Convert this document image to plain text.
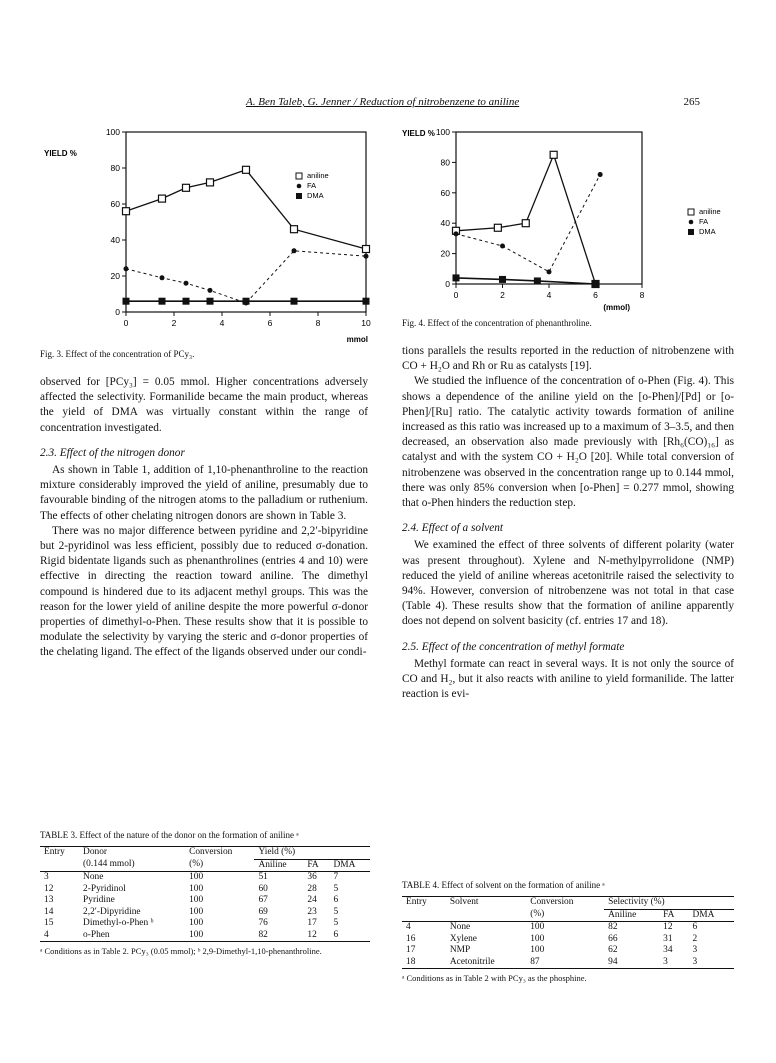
A. Ben Taleb, G. Jenner / Reduction of nitrobenzene to aniline	265
0	2	4	6	8	10
0
20
40
60
80
100
YIELD %
mmol
aniline
FA
DMA
Fig. 3. Effect of the concentration of PCy₃.
0	2	4	6	8
0
20
40
60
80
100
YIELD %
(mmol)
aniline
FA
DMA
Fig. 4. Effect of the concentration of phenanthroline.

observed for [PCy₃] = 0.05 mmol. Higher concentrations adversely affected the selectivity. Formanilide became the main product, whereas the yield of DMA was virtually constant within the range of concentration investigated.

2.3. Effect of the nitrogen donor

As shown in Table 1, addition of 1,10-phenanthroline to the reaction mixture considerably improved the yield of aniline, presumably due to favourable binding of the nitrogen atoms to the palladium or ruthenium. The effects of other chelating nitrogen donors are shown in Table 3.

There was no major difference between pyridine and 2,2′-bipyridine but 2-pyridinol was less efficient, possibly due to reduced σ-donation. Rigid bidentate ligands such as phenanthrolines (entries 4 and 10) were effective in directing the reaction toward aniline. The dimethyl compound is hindered due to its adjacent methyl groups. This was the reason for the lower yield of aniline despite the more powerful σ-donor properties of dimethyl-o-Phen. These results show that it is possible to modulate the selectivity by varying the steric and σ-donor properties of the chelating ligand. The effect of the ligands observed under our condi-

tions parallels the results reported in the reduction of nitrobenzene with CO + H₂O and Rh or Ru as catalysts [19].

We studied the influence of the concentration of o-Phen (Fig. 4). This shows a dependence of the aniline yield on the [o-Phen]/[Pd] or [o-Phen]/[Ru] ratio. The catalytic activity towards formation of aniline increased as this ratio was increased up to a maximum of 3–3.5, and then decreased, an observation also made previously with [Rh₆(CO)₁₆] as catalyst and with the system CO + H₂O [20]. While total conversion of nitrobenzene was observed in the concentration range up to 0.144 mmol, there was only 85% conversion when [o-Phen] = 0.277 mmol, showing that o-Phen hinders the reduction step.

2.4. Effect of a solvent

We examined the effect of three solvents of different polarity (water was present throughout). Xylene and N-methylpyrrolidone (NMP) reduced the yield of aniline whereas acetonitrile raised the selectivity to 94%. However, conversion of nitrobenzene was not total in that case (Table 4). These results show that the formation of aniline apparently does not depend on solvent basicity (cf. entries 17 and 18).

2.5. Effect of the concentration of methyl formate

Methyl formate can react in several ways. It is not only the source of CO and H₂, but it also reacts with aniline to yield formanilide. The latter reaction is evi-

TABLE 3. Effect of the nature of the donor on the formation of aniline ᵃ
Entry	Donor	Conversion	Yield (%)		
	(0.144 mmol)	(%)	Aniline	FA	DMA
3	None	100	51	36	7
12	2-Pyridinol	100	60	28	5
13	Pyridine	100	67	24	6
14	2,2′-Dipyridine	100	69	23	5
15	Dimethyl-o-Phen ᵇ	100	76	17	5
4	o-Phen	100	82	12	6
ᵃ Conditions as in Table 2. PCy₃ (0.05 mmol); ᵇ 2,9-Dimethyl-1,10-phenanthroline.
TABLE 4. Effect of solvent on the formation of aniline ᵃ
Entry	Solvent	Conversion	Selectivity (%)		
		(%)	Aniline	FA	DMA
4	None	100	82	12	6
16	Xylene	100	66	31	2
17	NMP	100	62	34	3
18	Acetonitrile	87	94	3	3
ᵃ Conditions as in Table 2 with PCy₃ as the phosphine.
